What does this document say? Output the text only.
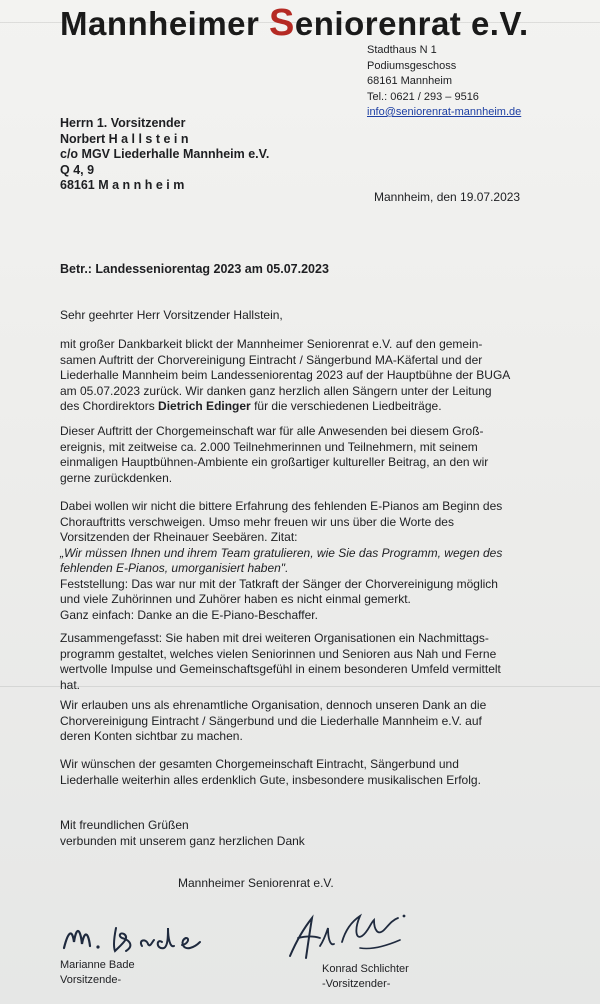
Mannheimer Seniorenrat e.V.
Stadthaus N 1
Podiumsgeschoss
68161 Mannheim
Tel.: 0621 / 293 – 9516
info@seniorenrat-mannheim.de
Herrn 1. Vorsitzender
Norbert H a l l s t e i n
c/o MGV Liederhalle Mannheim e.V.
Q 4, 9
68161 M a n n h e i m
Mannheim, den 19.07.2023
Betr.: Landesseniorentag 2023 am 05.07.2023
Sehr geehrter Herr Vorsitzender Hallstein,
mit großer Dankbarkeit blickt der Mannheimer Seniorenrat e.V. auf den gemein-
samen Auftritt der Chorvereinigung Eintracht / Sängerbund MA-Käfertal und der
Liederhalle Mannheim beim Landesseniorentag 2023 auf der Hauptbühne der BUGA
am 05.07.2023 zurück. Wir danken ganz herzlich allen Sängern unter der Leitung
des Chordirektors Dietrich Edinger für die verschiedenen Liedbeiträge.
Dieser Auftritt der Chorgemeinschaft war für alle Anwesenden bei diesem Groß-
ereignis, mit zeitweise ca. 2.000 Teilnehmerinnen und Teilnehmern, mit seinem
einmaligen Hauptbühnen-Ambiente ein großartiger kultureller Beitrag, an den wir
gerne zurückdenken.
Dabei wollen wir nicht die bittere Erfahrung des fehlenden E-Pianos am Beginn des
Chorauftritts verschweigen. Umso mehr freuen wir uns über die Worte des
Vorsitzenden der Rheinauer Seebären. Zitat:
„Wir müssen Ihnen und ihrem Team gratulieren, wie Sie das Programm, wegen des
fehlenden E-Pianos, umorganisiert haben".
Feststellung: Das war nur mit der Tatkraft der Sänger der Chorvereinigung möglich
und viele Zuhörinnen und Zuhörer haben es nicht einmal gemerkt.
Ganz einfach: Danke an die E-Piano-Beschaffer.
Zusammengefasst: Sie haben mit drei weiteren Organisationen ein Nachmittags-
programm gestaltet, welches vielen Seniorinnen und Senioren aus Nah und Ferne
wertvolle Impulse und Gemeinschaftsgefühl in einem besonderen Umfeld vermittelt
hat.
Wir erlauben uns als ehrenamtliche Organisation, dennoch unseren Dank an die
Chorvereinigung Eintracht / Sängerbund und die Liederhalle Mannheim e.V. auf
deren Konten sichtbar zu machen.
Wir wünschen der gesamten Chorgemeinschaft Eintracht, Sängerbund und
Liederhalle weiterhin alles erdenklich Gute, insbesondere musikalischen Erfolg.
Mit freundlichen Grüßen
verbunden mit unserem ganz herzlichen Dank
Mannheimer Seniorenrat e.V.
Marianne Bade
Vorsitzende-
Konrad Schlichter
-Vorsitzender-
